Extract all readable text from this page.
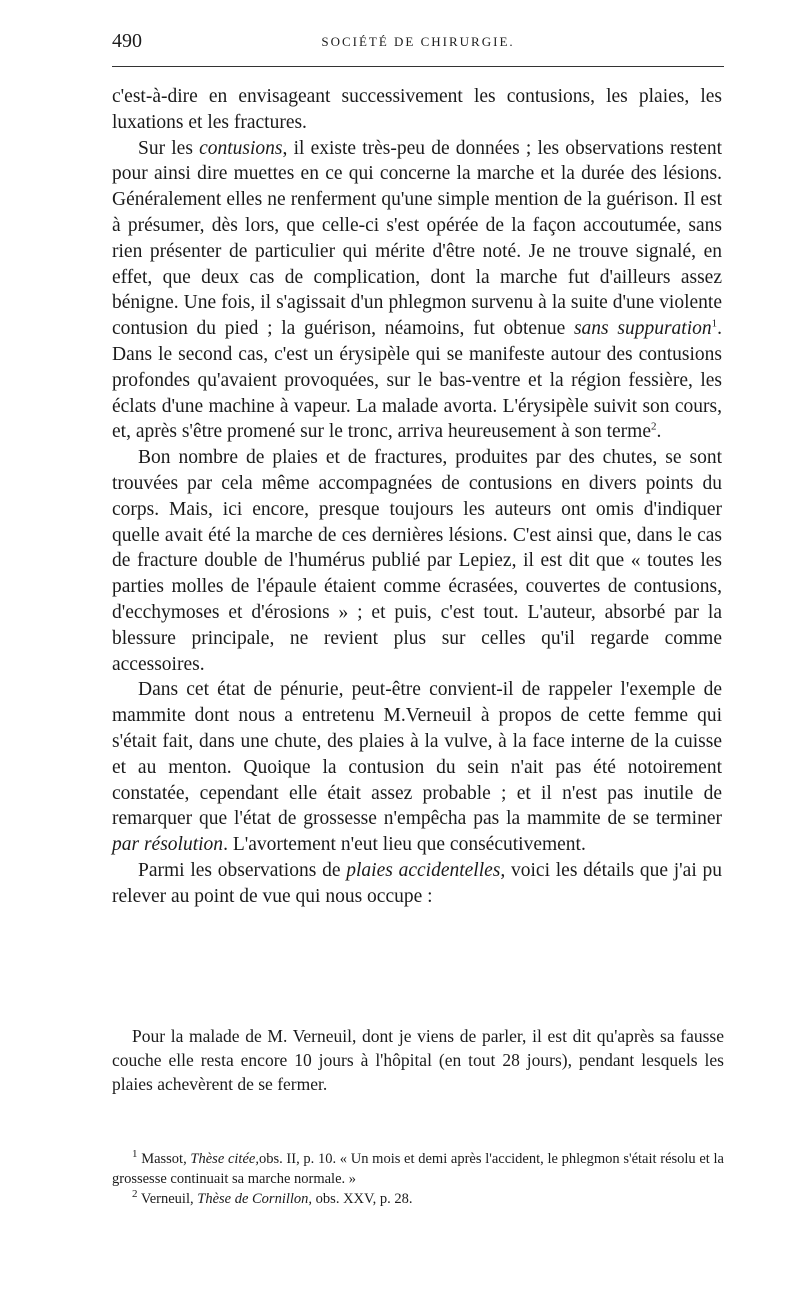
490	SOCIÉTÉ DE CHIRURGIE.

c'est-à-dire en envisageant successivement les contusions, les plaies, les luxations et les fractures.

Sur les contusions, il existe très-peu de données ; les observations restent pour ainsi dire muettes en ce qui concerne la marche et la durée des lésions. Généralement elles ne renferment qu'une simple mention de la guérison. Il est à présumer, dès lors, que celle-ci s'est opérée de la façon accoutumée, sans rien présenter de particulier qui mérite d'être noté. Je ne trouve signalé, en effet, que deux cas de complication, dont la marche fut d'ailleurs assez bénigne. Une fois, il s'agissait d'un phlegmon survenu à la suite d'une violente contusion du pied ; la guérison, néamoins, fut obtenue sans suppuration$^1$. Dans le second cas, c'est un érysipèle qui se manifeste autour des contusions profondes qu'avaient provoquées, sur le bas-ventre et la région fessière, les éclats d'une machine à vapeur. La malade avorta. L'érysipèle suivit son cours, et, après s'être promené sur le tronc, arriva heureusement à son terme$^2$.

Bon nombre de plaies et de fractures, produites par des chutes, se sont trouvées par cela même accompagnées de contusions en divers points du corps. Mais, ici encore, presque toujours les auteurs ont omis d'indiquer quelle avait été la marche de ces dernières lésions. C'est ainsi que, dans le cas de fracture double de l'humérus publié par Lepiez, il est dit que « toutes les parties molles de l'épaule étaient comme écrasées, couvertes de contusions, d'ecchymoses et d'érosions » ; et puis, c'est tout. L'auteur, absorbé par la blessure principale, ne revient plus sur celles qu'il regarde comme accessoires.

Dans cet état de pénurie, peut-être convient-il de rappeler l'exemple de mammite dont nous a entretenu M.Verneuil à propos de cette femme qui s'était fait, dans une chute, des plaies à la vulve, à la face interne de la cuisse et au menton. Quoique la contusion du sein n'ait pas été notoirement constatée, cependant elle était assez probable ; et il n'est pas inutile de remarquer que l'état de grossesse n'empêcha pas la mammite de se terminer par résolution. L'avortement n'eut lieu que consécutivement.

Parmi les observations de plaies accidentelles, voici les détails que j'ai pu relever au point de vue qui nous occupe :

Pour la malade de M. Verneuil, dont je viens de parler, il est dit qu'après sa fausse couche elle resta encore 10 jours à l'hôpital (en tout 28 jours), pendant lesquels les plaies achevèrent de se fermer.

$^1$ Massot, Thèse citée,obs. II, p. 10. « Un mois et demi après l'accident, le phlegmon s'était résolu et la grossesse continuait sa marche normale. »

$^2$ Verneuil, Thèse de Cornillon, obs. XXV, p. 28.
